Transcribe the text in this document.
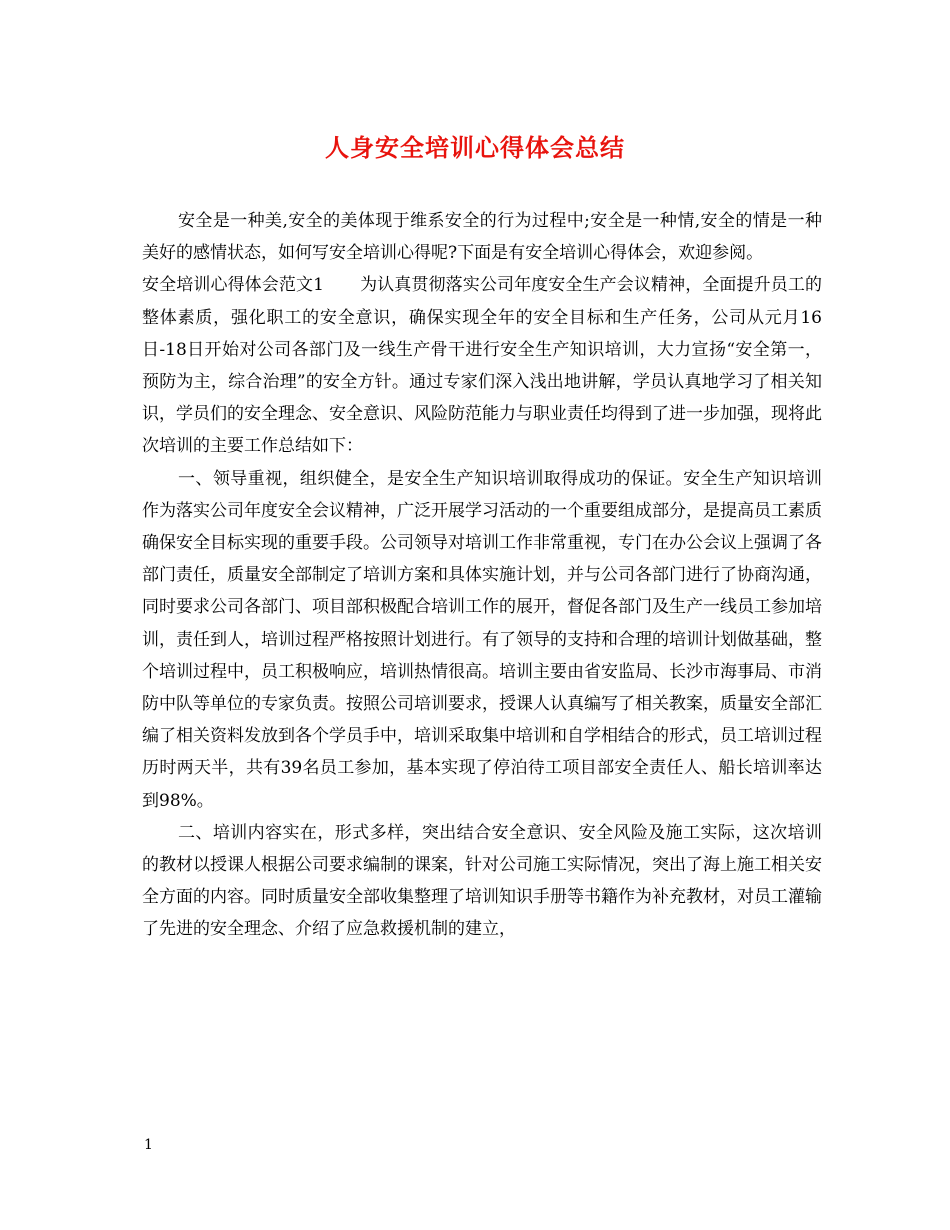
人身安全培训心得体会总结

安全是一种美,安全的美体现于维系安全的行为过程中;安全是一种情,安全的情是一种美好的感情状态，如何写安全培训心得呢?下面是有安全培训心得体会，欢迎参阅。

安全培训心得体会范文1 为认真贯彻落实公司年度安全生产会议精神，全面提升员工的整体素质，强化职工的安全意识，确保实现全年的安全目标和生产任务，公司从元月16日-18日开始对公司各部门及一线生产骨干进行安全生产知识培训，大力宣扬“安全第一，预防为主，综合治理”的安全方针。通过专家们深入浅出地讲解，学员认真地学习了相关知识，学员们的安全理念、安全意识、风险防范能力与职业责任均得到了进一步加强，现将此次培训的主要工作总结如下：

一、领导重视，组织健全，是安全生产知识培训取得成功的保证。安全生产知识培训作为落实公司年度安全会议精神，广泛开展学习活动的一个重要组成部分，是提高员工素质确保安全目标实现的重要手段。公司领导对培训工作非常重视，专门在办公会议上强调了各部门责任，质量安全部制定了培训方案和具体实施计划，并与公司各部门进行了协商沟通，同时要求公司各部门、项目部积极配合培训工作的展开，督促各部门及生产一线员工参加培训，责任到人，培训过程严格按照计划进行。有了领导的支持和合理的培训计划做基础，整个培训过程中，员工积极响应，培训热情很高。培训主要由省安监局、长沙市海事局、市消防中队等单位的专家负责。按照公司培训要求，授课人认真编写了相关教案，质量安全部汇编了相关资料发放到各个学员手中，培训采取集中培训和自学相结合的形式，员工培训过程历时两天半，共有39名员工参加，基本实现了停泊待工项目部安全责任人、船长培训率达到98%。

二、培训内容实在，形式多样，突出结合安全意识、安全风险及施工实际，这次培训的教材以授课人根据公司要求编制的课案，针对公司施工实际情况，突出了海上施工相关安全方面的内容。同时质量安全部收集整理了培训知识手册等书籍作为补充教材，对员工灌输了先进的安全理念、介绍了应急救援机制的建立，

1
